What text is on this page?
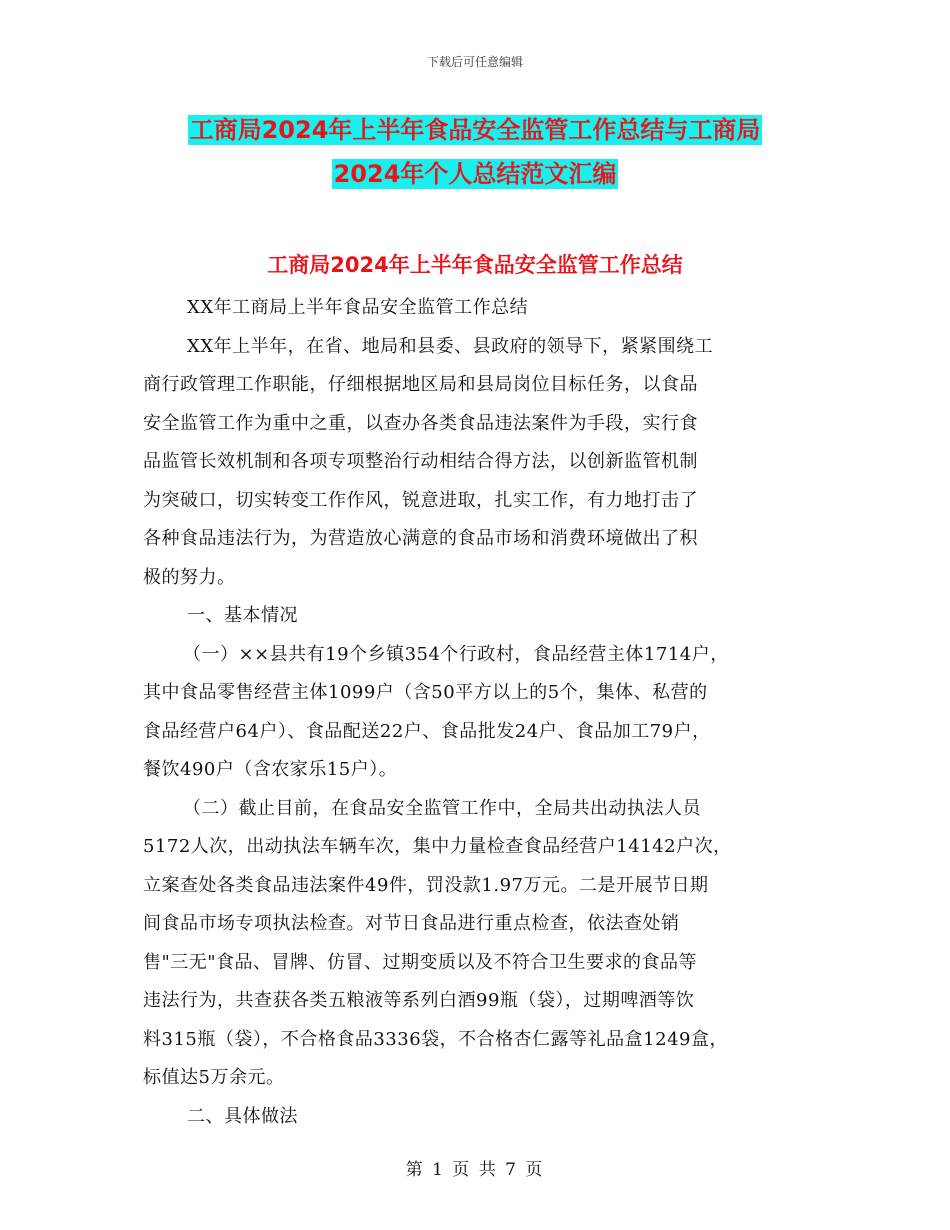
下载后可任意编辑
工商局2024年上半年食品安全监管工作总结与工商局
2024年个人总结范文汇编
工商局2024年上半年食品安全监管工作总结

XX年工商局上半年食品安全监管工作总结

XX年上半年，在省、地局和县委、县政府的领导下，紧紧围绕工

商行政管理工作职能，仔细根据地区局和县局岗位目标任务，以食品

安全监管工作为重中之重，以查办各类食品违法案件为手段，实行食

品监管长效机制和各项专项整治行动相结合得方法，以创新监管机制

为突破口，切实转变工作作风，锐意进取，扎实工作，有力地打击了

各种食品违法行为，为营造放心满意的食品市场和消费环境做出了积

极的努力。

一、基本情况

（一）××县共有19个乡镇354个行政村，食品经营主体1714户，

其中食品零售经营主体1099户（含50平方以上的5个，集体、私营的

食品经营户64户）、食品配送22户、食品批发24户、食品加工79户，

餐饮490户（含农家乐15户）。

（二）截止目前，在食品安全监管工作中，全局共出动执法人员

5172人次，出动执法车辆车次，集中力量检查食品经营户14142户次，

立案查处各类食品违法案件49件，罚没款1.97万元。二是开展节日期

间食品市场专项执法检查。对节日食品进行重点检查，依法查处销

售"三无"食品、冒牌、仿冒、过期变质以及不符合卫生要求的食品等

违法行为，共查获各类五粮液等系列白酒99瓶（袋），过期啤酒等饮

料315瓶（袋），不合格食品3336袋，不合格杏仁露等礼品盒1249盒，

标值达5万余元。

二、具体做法

第 1 页 共 7 页
